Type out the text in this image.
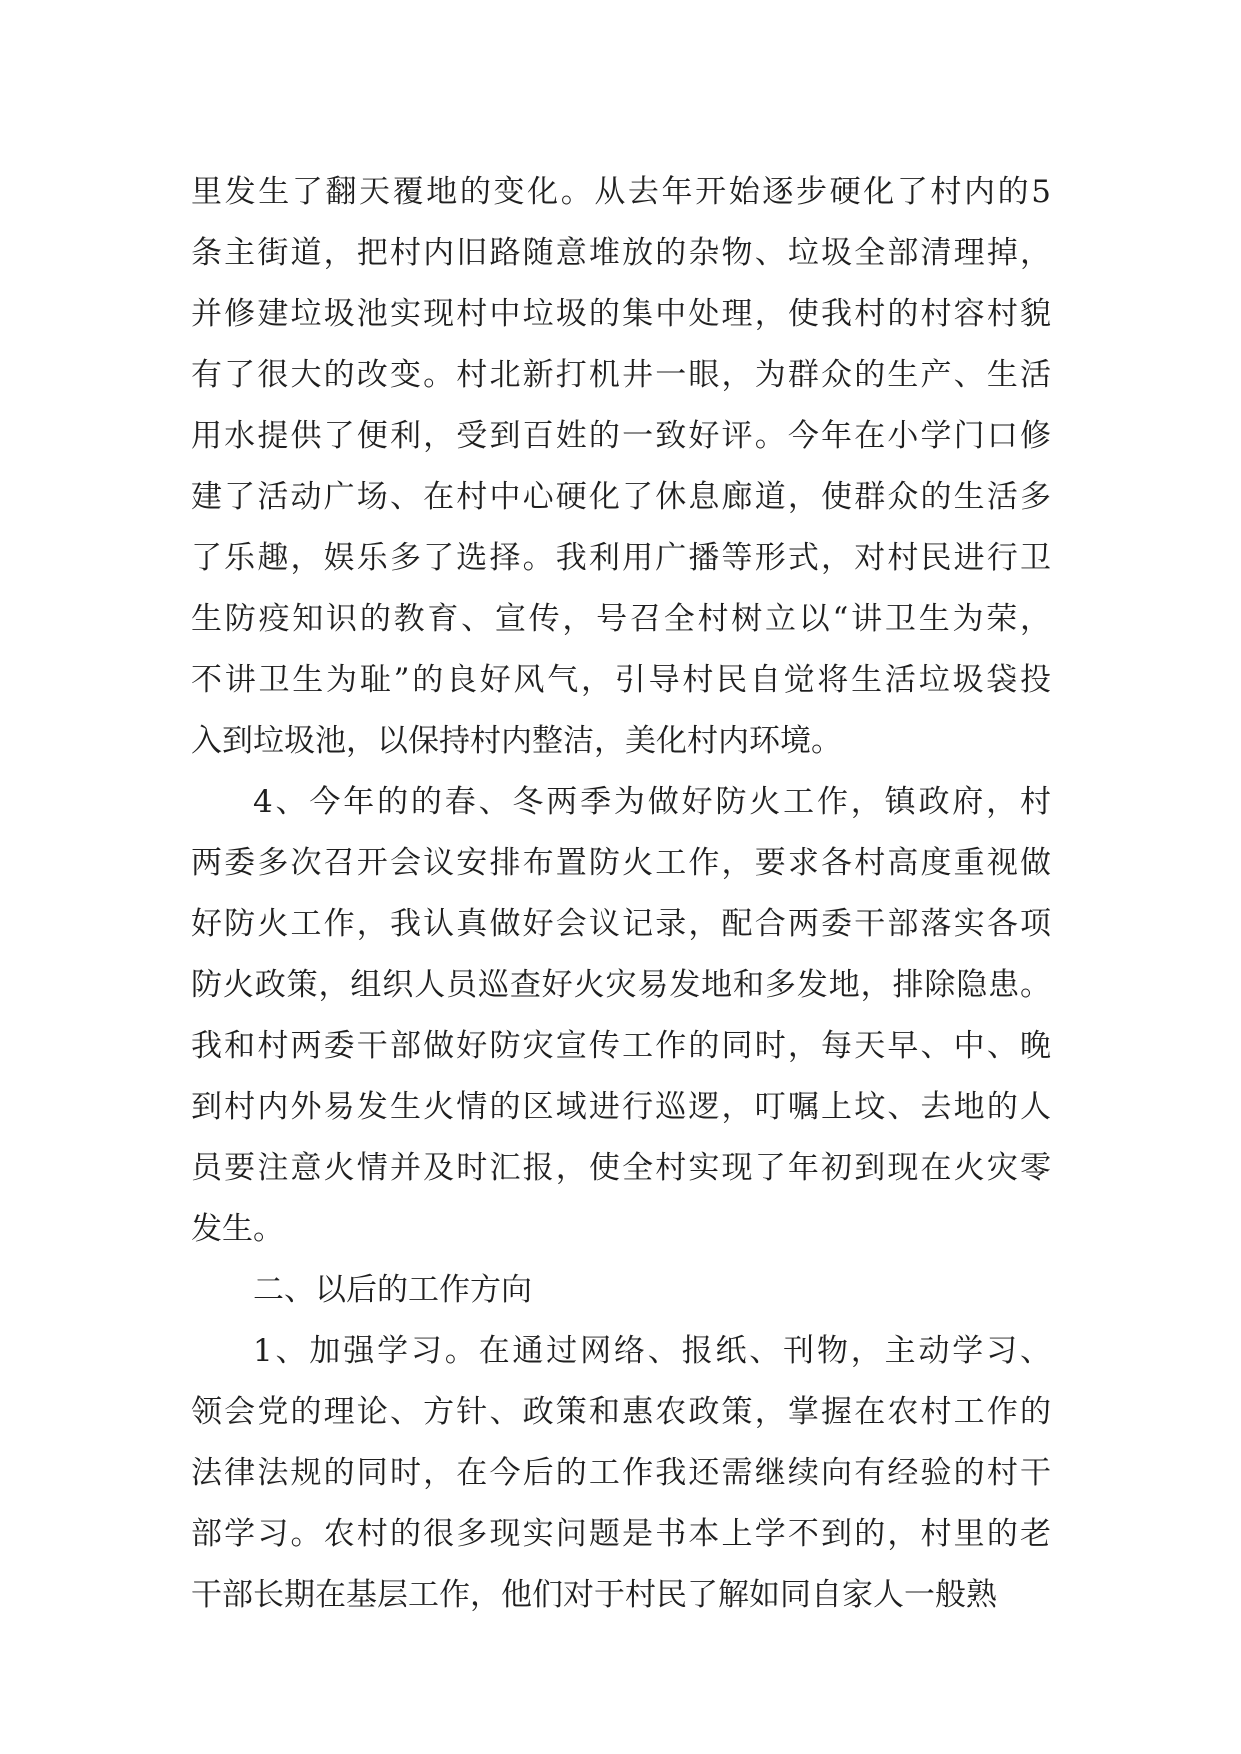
里发生了翻天覆地的变化。从去年开始逐步硬化了村内的5
条主街道，把村内旧路随意堆放的杂物、垃圾全部清理掉，
并修建垃圾池实现村中垃圾的集中处理，使我村的村容村貌
有了很大的改变。村北新打机井一眼，为群众的生产、生活
用水提供了便利，受到百姓的一致好评。今年在小学门口修
建了活动广场、在村中心硬化了休息廊道，使群众的生活多
了乐趣，娱乐多了选择。我利用广播等形式，对村民进行卫
生防疫知识的教育、宣传，号召全村树立以“讲卫生为荣，
不讲卫生为耻”的良好风气，引导村民自觉将生活垃圾袋投
入到垃圾池，以保持村内整洁，美化村内环境。
4、今年的的春、冬两季为做好防火工作，镇政府，村
两委多次召开会议安排布置防火工作，要求各村高度重视做
好防火工作，我认真做好会议记录，配合两委干部落实各项
防火政策，组织人员巡查好火灾易发地和多发地，排除隐患。
我和村两委干部做好防灾宣传工作的同时，每天早、中、晚
到村内外易发生火情的区域进行巡逻，叮嘱上坟、去地的人
员要注意火情并及时汇报，使全村实现了年初到现在火灾零
发生。
二、以后的工作方向
1、加强学习。在通过网络、报纸、刊物，主动学习、
领会党的理论、方针、政策和惠农政策，掌握在农村工作的
法律法规的同时，在今后的工作我还需继续向有经验的村干
部学习。农村的很多现实问题是书本上学不到的，村里的老
干部长期在基层工作，他们对于村民了解如同自家人一般熟
